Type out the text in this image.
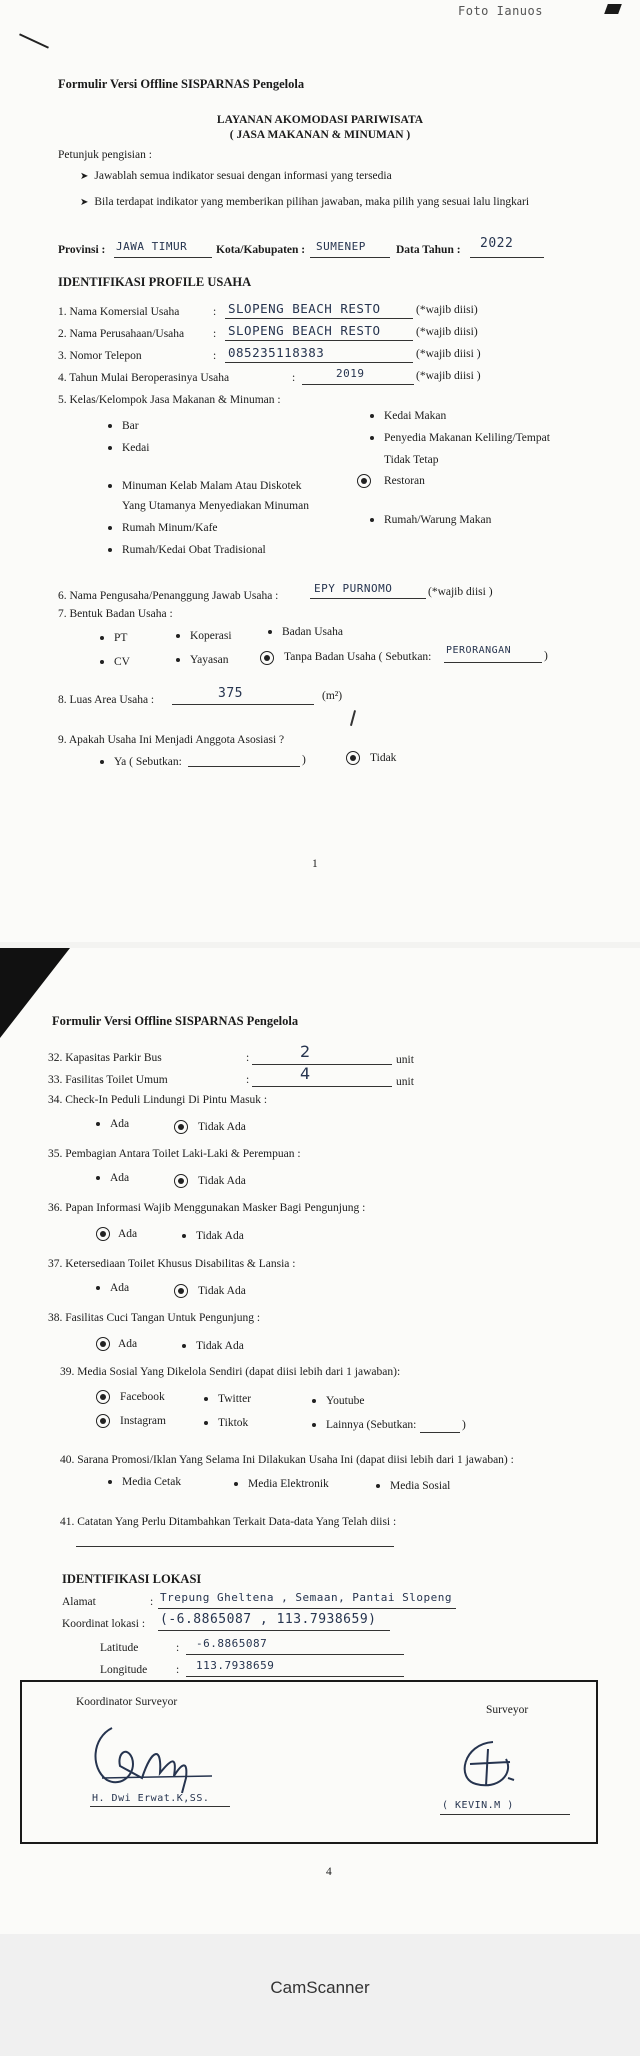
Foto Ianuos
Formulir Versi Offline SISPARNAS Pengelola
LAYANAN AKOMODASI PARIWISATA
( JASA MAKANAN & MINUMAN )
Petunjuk pengisian :
➤ Jawablah semua indikator sesuai dengan informasi yang tersedia
➤ Bila terdapat indikator yang memberikan pilihan jawaban, maka pilih yang sesuai lalu lingkari
Provinsi : JAWA TIMUR	Kota/Kabupaten : SUMENEP	Data Tahun : 2022
IDENTIFIKASI PROFILE USAHA
1. Nama Komersial Usaha	: SLOPENG BEACH RESTO	(*wajib diisi)
2. Nama Perusahaan/Usaha	: SLOPENG BEACH RESTO	(*wajib diisi)
3. Nomor Telepon	: 085235118383	(*wajib diisi )
4. Tahun Mulai Beroperasinya Usaha	:	2019	(*wajib diisi )
5. Kelas/Kelompok Jasa Makanan & Minuman :
Bar
Kedai
Kedai Makan
Penyedia Makanan Keliling/Tempat
Tidak Tetap
Minuman Kelab Malam Atau Diskotek
Yang Utamanya Menyediakan Minuman
Restoran
Rumah Minum/Kafe
Rumah/Warung Makan
Rumah/Kedai Obat Tradisional
6. Nama Pengusaha/Penanggung Jawab Usaha :
EPY PURNOMO	(*wajib diisi )
7. Bentuk Badan Usaha :
PT	Koperasi	Badan Usaha
CV	Yayasan	Tanpa Badan Usaha ( Sebutkan:
PERORANGAN	)
8. Luas Area Usaha :	375	(m²)
9. Apakah Usaha Ini Menjadi Anggota Asosiasi ?
Ya ( Sebutkan:	)	Tidak
1
Formulir Versi Offline SISPARNAS Pengelola
32. Kapasitas Parkir Bus	:	2	unit
33. Fasilitas Toilet Umum	:	4	unit
34. Check-In Peduli Lindungi Di Pintu Masuk :
Ada	Tidak Ada
35. Pembagian Antara Toilet Laki-Laki & Perempuan :
Ada	Tidak Ada
36. Papan Informasi Wajib Menggunakan Masker Bagi Pengunjung :
Ada	Tidak Ada
37. Ketersediaan Toilet Khusus Disabilitas & Lansia :
Ada	Tidak Ada
38. Fasilitas Cuci Tangan Untuk Pengunjung :
Ada	Tidak Ada
39. Media Sosial Yang Dikelola Sendiri (dapat diisi lebih dari 1 jawaban):
Facebook	Twitter	Youtube
Instagram	Tiktok	Lainnya (Sebutkan:	)
40. Sarana Promosi/Iklan Yang Selama Ini Dilakukan Usaha Ini (dapat diisi lebih dari 1 jawaban) :
Media Cetak	Media Elektronik	Media Sosial
41. Catatan Yang Perlu Ditambahkan Terkait Data-data Yang Telah diisi :
IDENTIFIKASI LOKASI
Alamat	: Trepung Gheltena , Semaan, Pantai Slopeng
Koordinat lokasi : (-6.8865087 , 113.7938659)
Latitude	: -6.8865087
Longitude : 113.7938659
Koordinator Surveyor
Surveyor
H. Dwi Erwat.K,SS.
( KEVIN.M )
4
CamScanner
